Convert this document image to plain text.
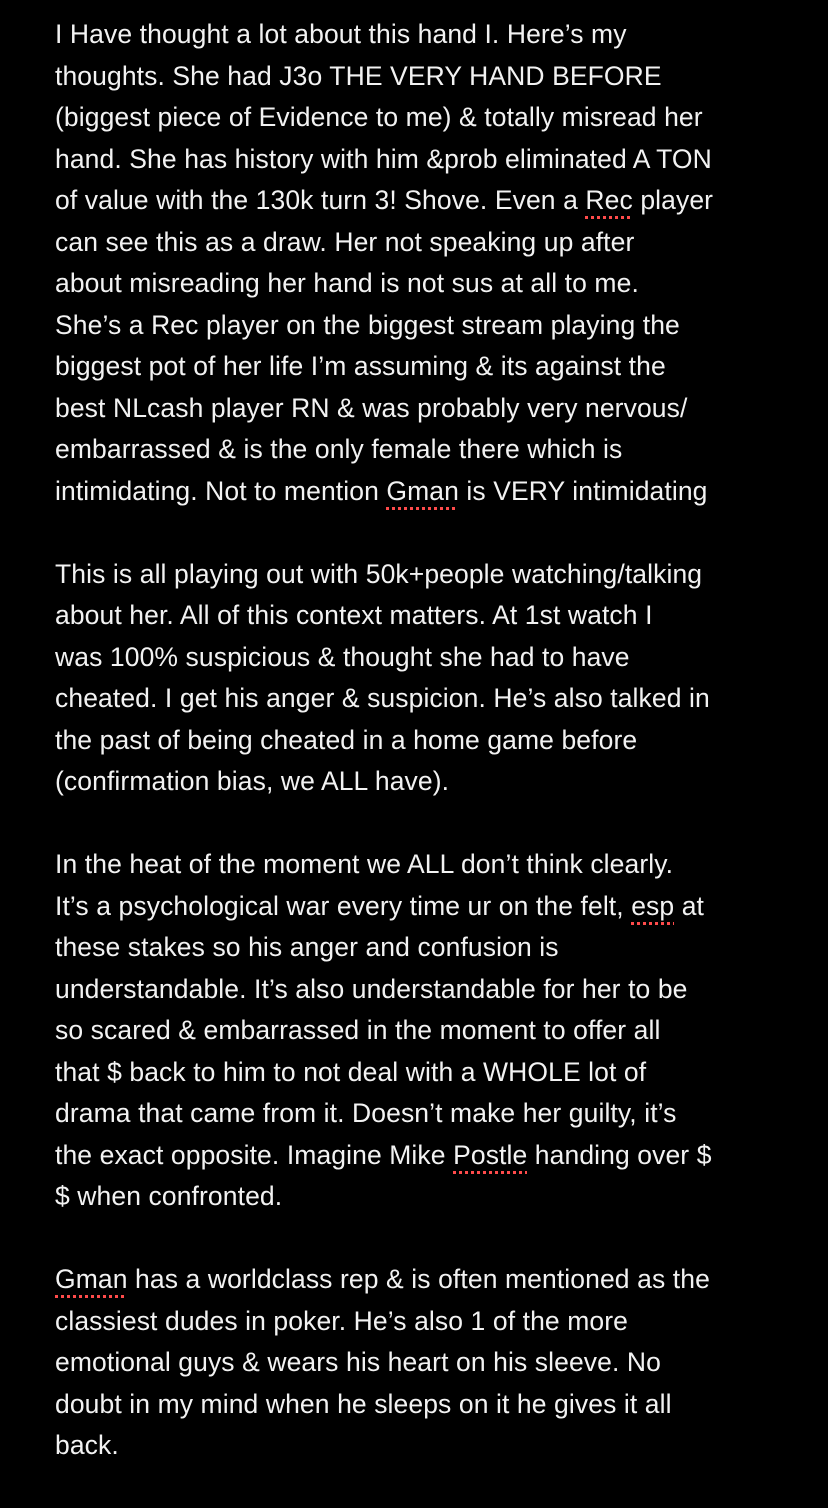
I Have thought a lot about this hand I. Here’s my
thoughts. She had J3o THE VERY HAND BEFORE
(biggest piece of Evidence to me) & totally misread her
hand. She has history with him &prob eliminated A TON
of value with the 130k turn 3! Shove. Even a Rec player
can see this as a draw. Her not speaking up after
about misreading her hand is not sus at all to me.
She’s a Rec player on the biggest stream playing the
biggest pot of her life I’m assuming & its against the
best NLcash player RN & was probably very nervous/
embarrassed & is the only female there which is
intimidating. Not to mention Gman is VERY intimidating
This is all playing out with 50k+people watching/talking
about her. All of this context matters. At 1st watch I
was 100% suspicious & thought she had to have
cheated. I get his anger & suspicion. He’s also talked in
the past of being cheated in a home game before
(confirmation bias, we ALL have).
In the heat of the moment we ALL don’t think clearly.
It’s a psychological war every time ur on the felt, esp at
these stakes so his anger and confusion is
understandable. It’s also understandable for her to be
so scared & embarrassed in the moment to offer all
that $ back to him to not deal with a WHOLE lot of
drama that came from it. Doesn’t make her guilty, it’s
the exact opposite. Imagine Mike Postle handing over $
$ when confronted.
Gman has a worldclass rep & is often mentioned as the
classiest dudes in poker. He’s also 1 of the more
emotional guys & wears his heart on his sleeve. No
doubt in my mind when he sleeps on it he gives it all
back.
